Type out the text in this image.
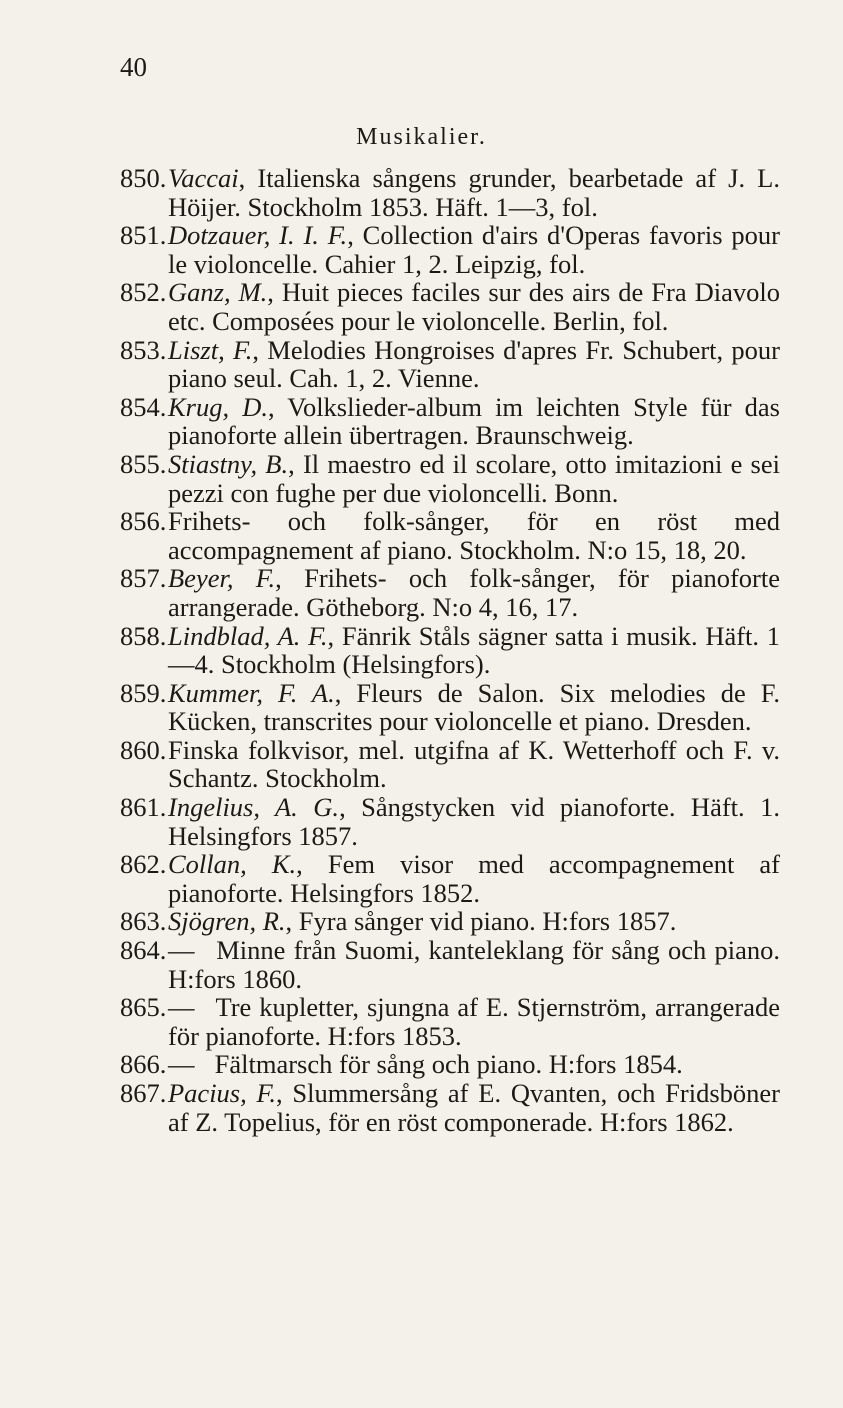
40
Musikalier.
850. Vaccai, Italienska sångens grunder, bearbetade af J. L. Höijer. Stockholm 1853. Häft. 1—3, fol.
851. Dotzauer, I. I. F., Collection d'airs d'Operas favoris pour le violoncelle. Cahier 1, 2. Leipzig, fol.
852. Ganz, M., Huit pieces faciles sur des airs de Fra Diavolo etc. Composées pour le violoncelle. Berlin, fol.
853. Liszt, F., Melodies Hongroises d'apres Fr. Schubert, pour piano seul. Cah. 1, 2. Vienne.
854. Krug, D., Volkslieder-album im leichten Style für das pianoforte allein übertragen. Braunschweig.
855. Stiastny, B., Il maestro ed il scolare, otto imitazioni e sei pezzi con fughe per due violoncelli. Bonn.
856. Frihets- och folk-sånger, för en röst med accompagnement af piano. Stockholm. N:o 15, 18, 20.
857. Beyer, F., Frihets- och folk-sånger, för pianoforte arrangerade. Götheborg. N:o 4, 16, 17.
858. Lindblad, A. F., Fänrik Ståls sägner satta i musik. Häft. 1—4. Stockholm (Helsingfors).
859. Kummer, F. A., Fleurs de Salon. Six melodies de F. Kücken, transcrites pour violoncelle et piano. Dresden.
860. Finska folkvisor, mel. utgifna af K. Wetterhoff och F. v. Schantz. Stockholm.
861. Ingelius, A. G., Sångstycken vid pianoforte. Häft. 1. Helsingfors 1857.
862. Collan, K., Fem visor med accompagnement af pianoforte. Helsingfors 1852.
863. Sjögren, R., Fyra sånger vid piano. H:fors 1857.
864. — Minne från Suomi, kanteleklang för sång och piano. H:fors 1860.
865. — Tre kupletter, sjungna af E. Stjernström, arrangerade för pianoforte. H:fors 1853.
866. — Fältmarsch för sång och piano. H:fors 1854.
867. Pacius, F., Slummersång af E. Qvanten, och Fridsböner af Z. Topelius, för en röst componerade. H:fors 1862.
